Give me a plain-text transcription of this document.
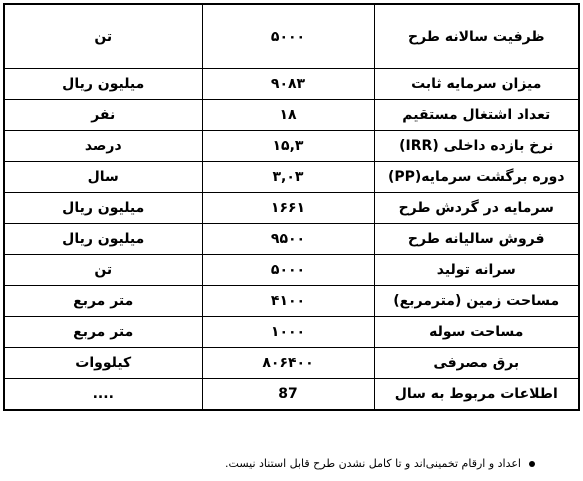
ظرفیت سالانه طرح	۵۰۰۰	تن
میزان سرمایه ثابت	۹۰۸۳	میلیون ریال
تعداد اشتغال مستقیم	۱۸	نفر
نرخ بازده داخلی (IRR)	۱۵,۳	درصد
دوره برگشت سرمایه(PP)	۳,۰۳	سال
سرمایه در گردش طرح	۱۶۶۱	میلیون ریال
فروش سالیانه طرح	۹۵۰۰	میلیون ریال
سرانه تولید	۵۰۰۰	تن
مساحت زمین (مترمربع)	۴۱۰۰	متر مربع
مساحت سوله	۱۰۰۰	متر مربع
برق مصرفی	۸۰۶۴۰۰	کیلووات
اطلاعات مربوط به سال	87	....
اعداد و ارقام تخمینی‌اند و تا کامل نشدن طرح قابل استناد نیست.
